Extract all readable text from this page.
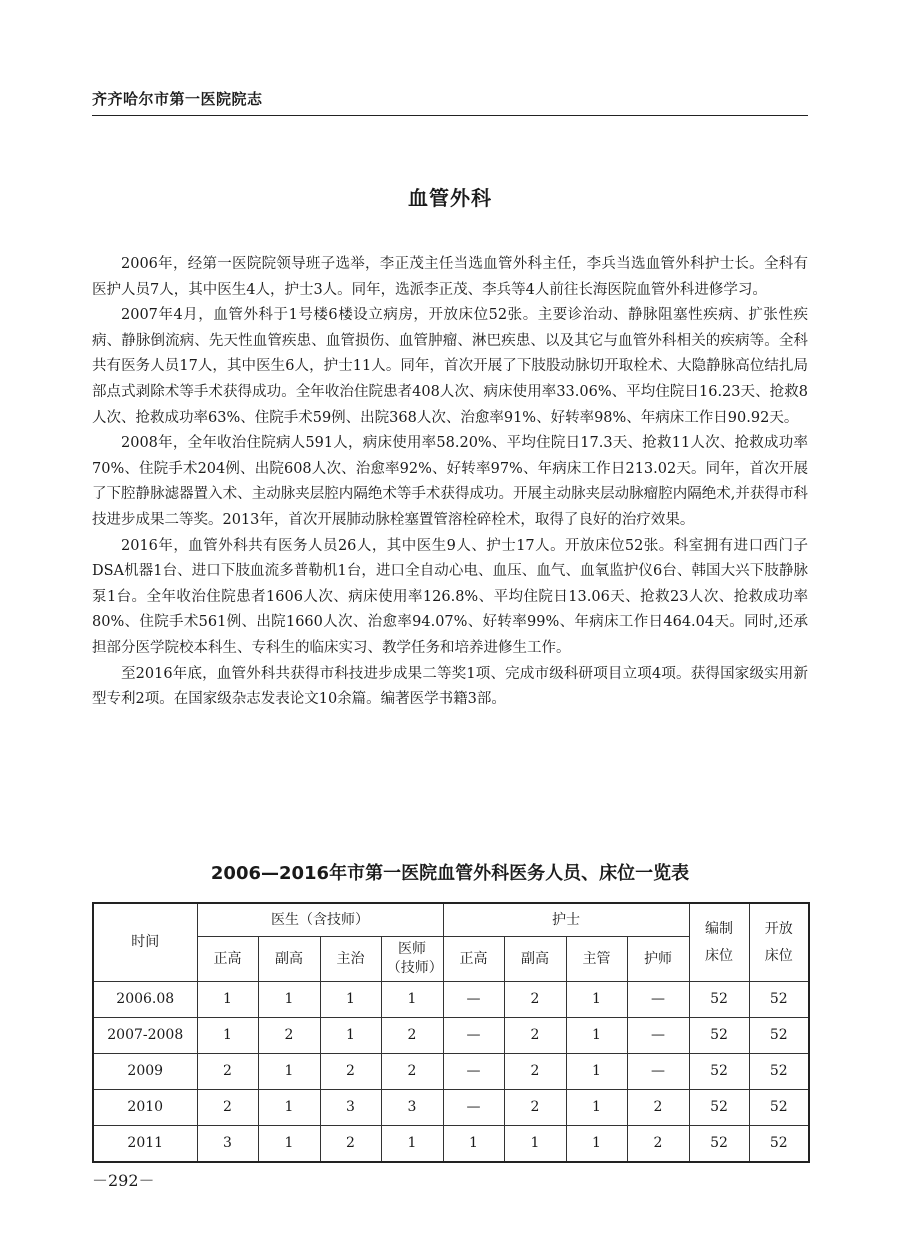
齐齐哈尔市第一医院院志
血管外科

2006年，经第一医院院领导班子选举，李正茂主任当选血管外科主任，李兵当选血管外科护士长。全科有医护人员7人，其中医生4人，护士3人。同年，选派李正茂、李兵等4人前往长海医院血管外科进修学习。

2007年4月，血管外科于1号楼6楼设立病房，开放床位52张。主要诊治动、静脉阻塞性疾病、扩张性疾病、静脉倒流病、先天性血管疾患、血管损伤、血管肿瘤、淋巴疾患、以及其它与血管外科相关的疾病等。全科共有医务人员17人，其中医生6人，护士11人。同年，首次开展了下肢股动脉切开取栓术、大隐静脉高位结扎局部点式剥除术等手术获得成功。全年收治住院患者408人次、病床使用率33.06%、平均住院日16.23天、抢救8人次、抢救成功率63%、住院手术59例、出院368人次、治愈率91%、好转率98%、年病床工作日90.92天。

2008年，全年收治住院病人591人，病床使用率58.20%、平均住院日17.3天、抢救11人次、抢救成功率70%、住院手术204例、出院608人次、治愈率92%、好转率97%、年病床工作日213.02天。同年，首次开展了下腔静脉滤器置入术、主动脉夹层腔内隔绝术等手术获得成功。开展主动脉夹层动脉瘤腔内隔绝术,并获得市科技进步成果二等奖。2013年，首次开展肺动脉栓塞置管溶栓碎栓术，取得了良好的治疗效果。

2016年，血管外科共有医务人员26人，其中医生9人、护士17人。开放床位52张。科室拥有进口西门子DSA机器1台、进口下肢血流多普勒机1台，进口全自动心电、血压、血气、血氧监护仪6台、韩国大兴下肢静脉泵1台。全年收治住院患者1606人次、病床使用率126.8%、平均住院日13.06天、抢救23人次、抢救成功率80%、住院手术561例、出院1660人次、治愈率94.07%、好转率99%、年病床工作日464.04天。同时,还承担部分医学院校本科生、专科生的临床实习、教学任务和培养进修生工作。

至2016年底，血管外科共获得市科技进步成果二等奖1项、完成市级科研项目立项4项。获得国家级实用新型专利2项。在国家级杂志发表论文10余篇。编著医学书籍3部。

2006—2016年市第一医院血管外科医务人员、床位一览表
时间	医生（含技师）				护士				编制床位	开放床位

	正高	副高	主治	医师（技师）	正高	副高	主管	护师		
2006.08	1	1	1	1	—	2	1	—	52	52
2007-2008	1	2	1	2	—	2	1	—	52	52
2009	2	1	2	2	—	2	1	—	52	52
2010	2	1	3	3	—	2	1	2	52	52
2011	3	1	2	1	1	1	1	2	52	52
－292－
